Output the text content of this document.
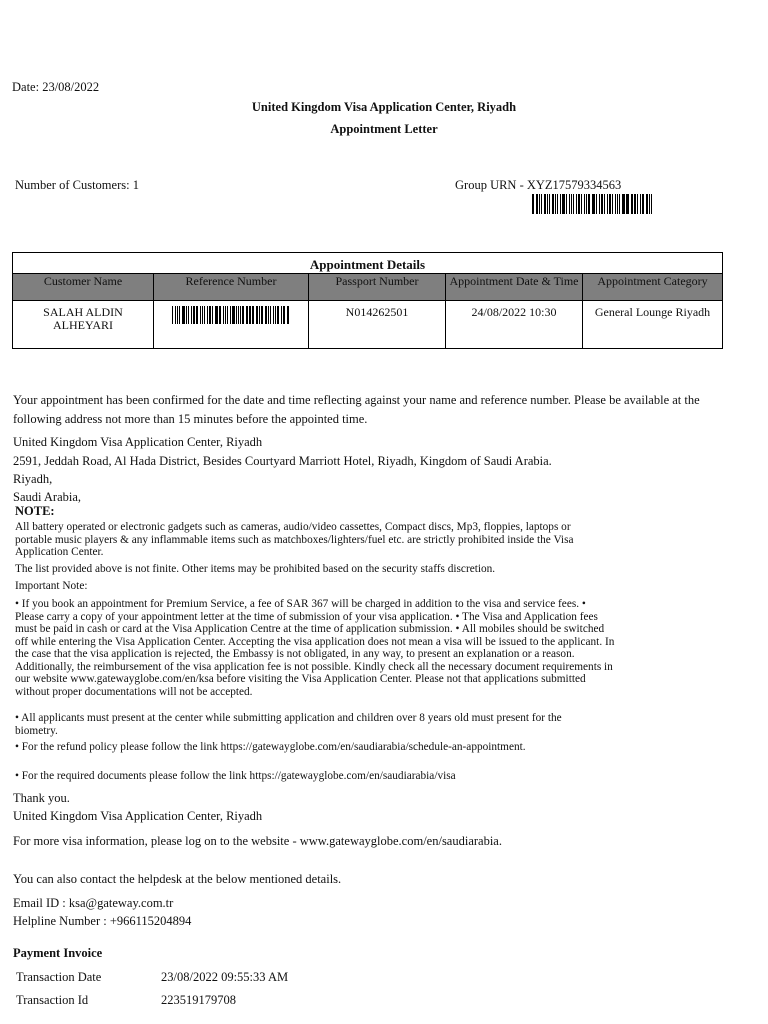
Date: 23/08/2022
United Kingdom Visa Application Center, Riyadh
Appointment Letter
Number of Customers: 1	Group URN - XYZ17579334563
Appointment Details				
Customer Name	Reference Number	Passport Number	Appointment Date & Time	Appointment Category
SALAH ALDIN ALHEYARI		N014262501	24/08/2022 10:30	General Lounge Riyadh
Your appointment has been confirmed for the date and time reflecting against your name and reference number. Please be available at the following address not more than 15 minutes before the appointed time.
United Kingdom Visa Application Center, Riyadh
2591, Jeddah Road, Al Hada District, Besides Courtyard Marriott Hotel, Riyadh, Kingdom of Saudi Arabia.
Riyadh,
Saudi Arabia,
NOTE:
All battery operated or electronic gadgets such as cameras, audio/video cassettes, Compact discs, Mp3, floppies, laptops or portable music players & any inflammable items such as matchboxes/lighters/fuel etc. are strictly prohibited inside the Visa Application Center.
The list provided above is not finite. Other items may be prohibited based on the security staffs discretion.
Important Note:
• If you book an appointment for Premium Service, a fee of SAR 367 will be charged in addition to the visa and service fees. • Please carry a copy of your appointment letter at the time of submission of your visa application. • The Visa and Application fees must be paid in cash or card at the Visa Application Centre at the time of application submission. • All mobiles should be switched off while entering the Visa Application Center. Accepting the visa application does not mean a visa will be issued to the applicant. In the case that the visa application is rejected, the Embassy is not obligated, in any way, to present an explanation or a reason. Additionally, the reimbursement of the visa application fee is not possible. Kindly check all the necessary document requirements in our website www.gatewayglobe.com/en/ksa before visiting the Visa Application Center. Please not that applications submitted without proper documentations will not be accepted.
• All applicants must present at the center while submitting application and children over 8 years old must present for the biometry.
• For the refund policy please follow the link https://gatewayglobe.com/en/saudiarabia/schedule-an-appointment.
• For the required documents please follow the link https://gatewayglobe.com/en/saudiarabia/visa
Thank you.
United Kingdom Visa Application Center, Riyadh
For more visa information, please log on to the website - www.gatewayglobe.com/en/saudiarabia.
You can also contact the helpdesk at the below mentioned details.
Email ID : ksa@gateway.com.tr
Helpline Number : +966115204894
Payment Invoice
Transaction Date	23/08/2022 09:55:33 AM
Transaction Id	223519179708
